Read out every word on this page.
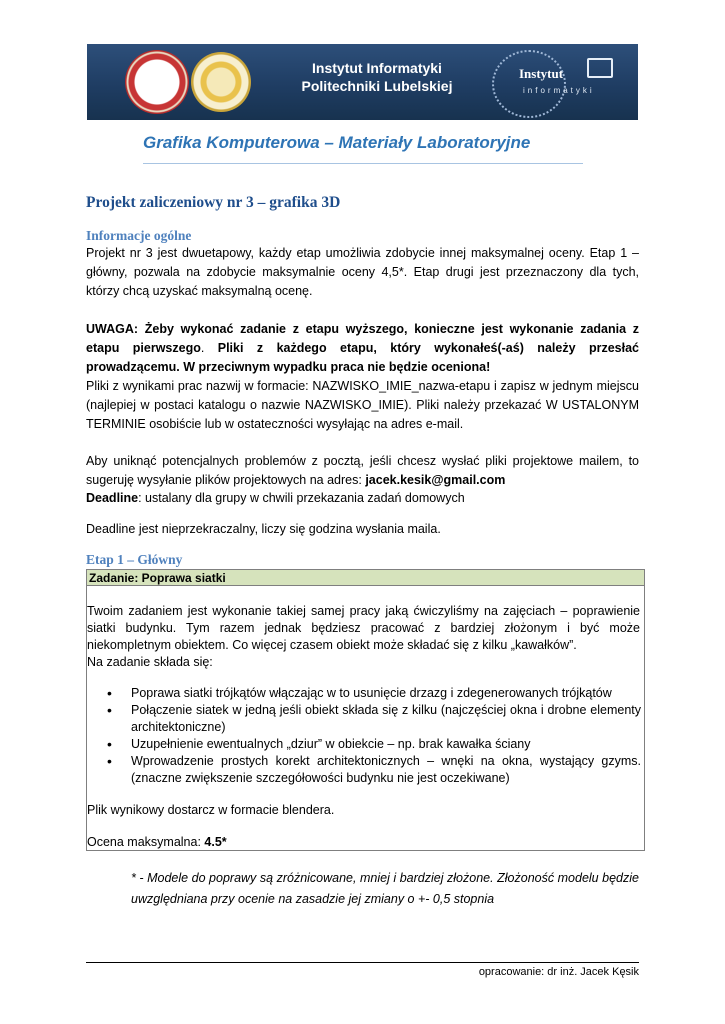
Instytut Informatyki
Politechniki Lubelskiej
Instytut
informatyki
Grafika Komputerowa – Materiały Laboratoryjne
Projekt zaliczeniowy nr 3 – grafika 3D
Informacje ogólne
Projekt nr 3 jest dwuetapowy, każdy etap umożliwia zdobycie innej maksymalnej oceny. Etap 1 – główny, pozwala na zdobycie maksymalnie oceny 4,5*. Etap drugi jest przeznaczony dla tych, którzy chcą uzyskać maksymalną ocenę.
UWAGA: Żeby wykonać zadanie z etapu wyższego, konieczne jest wykonanie zadania z etapu pierwszego. Pliki z każdego etapu, który wykonałeś(-aś) należy przesłać prowadzącemu. W przeciwnym wypadku praca nie będzie oceniona!
Pliki z wynikami prac nazwij w formacie: NAZWISKO_IMIE_nazwa-etapu i zapisz w jednym miejscu (najlepiej w postaci katalogu o nazwie NAZWISKO_IMIE). Pliki należy przekazać W USTALONYM TERMINIE osobiście lub w ostateczności wysyłając na adres e-mail.
Aby uniknąć potencjalnych problemów z pocztą, jeśli chcesz wysłać pliki projektowe mailem, to sugeruję wysyłanie plików projektowych na adres: jacek.kesik@gmail.com
Deadline: ustalany dla grupy w chwili przekazania zadań domowych
Deadline jest nieprzekraczalny, liczy się godzina wysłania maila.
Etap 1 – Główny
Zadanie: Poprawa siatki
Twoim zadaniem jest wykonanie takiej samej pracy jaką ćwiczyliśmy na zajęciach – poprawienie siatki budynku. Tym razem jednak będziesz pracować z bardziej złożonym i być może niekompletnym obiektem. Co więcej czasem obiekt może składać się z kilku „kawałków”.
Na zadanie składa się:
• Poprawa siatki trójkątów włączając w to usunięcie drzazg i zdegenerowanych trójkątów
• Połączenie siatek w jedną jeśli obiekt składa się z kilku (najczęściej okna i drobne elementy architektoniczne)
• Uzupełnienie ewentualnych „dziur” w obiekcie – np. brak kawałka ściany
• Wprowadzenie prostych korekt architektonicznych – wnęki na okna, wystający gzyms. (znaczne zwiększenie szczegółowości budynku nie jest oczekiwane)
Plik wynikowy dostarcz w formacie blendera.
Ocena maksymalna: 4.5*
* - Modele do poprawy są zróżnicowane, mniej i bardziej złożone. Złożoność modelu będzie uwzględniana przy ocenie na zasadzie jej zmiany o +- 0,5 stopnia
opracowanie: dr inż. Jacek Kęsik
